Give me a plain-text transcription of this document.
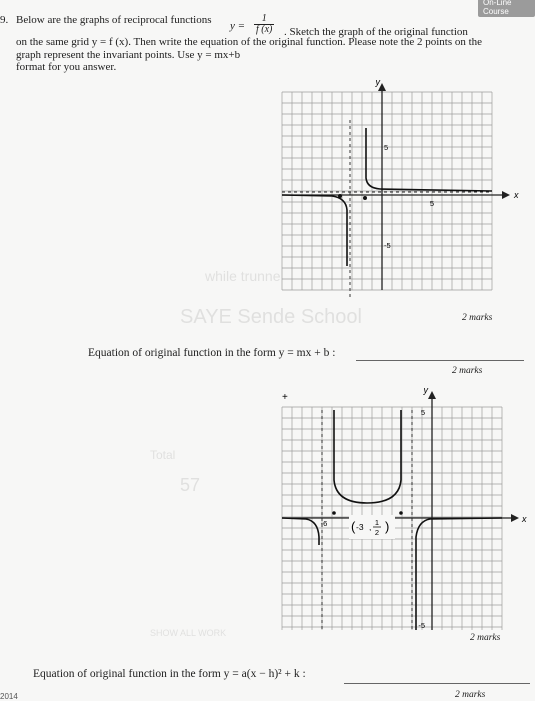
On-Line Course
9. Below are the graphs of reciprocal functions $y = \frac{1}{f (x)}$ . Sketch the graph of the original function
on the same grid y = f (x). Then write the equation of the original function. Please note the 2 points on the
graph represent the invariant points. Use y = mx+b
format for you answer.
while trunne
SAYE Sende School
Total
57
SHOW ALL WORK
y
x
5
-5
5
2 marks
Equation of original function in the form y = mx + b :
2 marks
+
y
x
5
-5
-6 ( -3 , 1
2 )
2 marks
Equation of original function in the form y = a(x − h)² + k :
2 marks
2014
